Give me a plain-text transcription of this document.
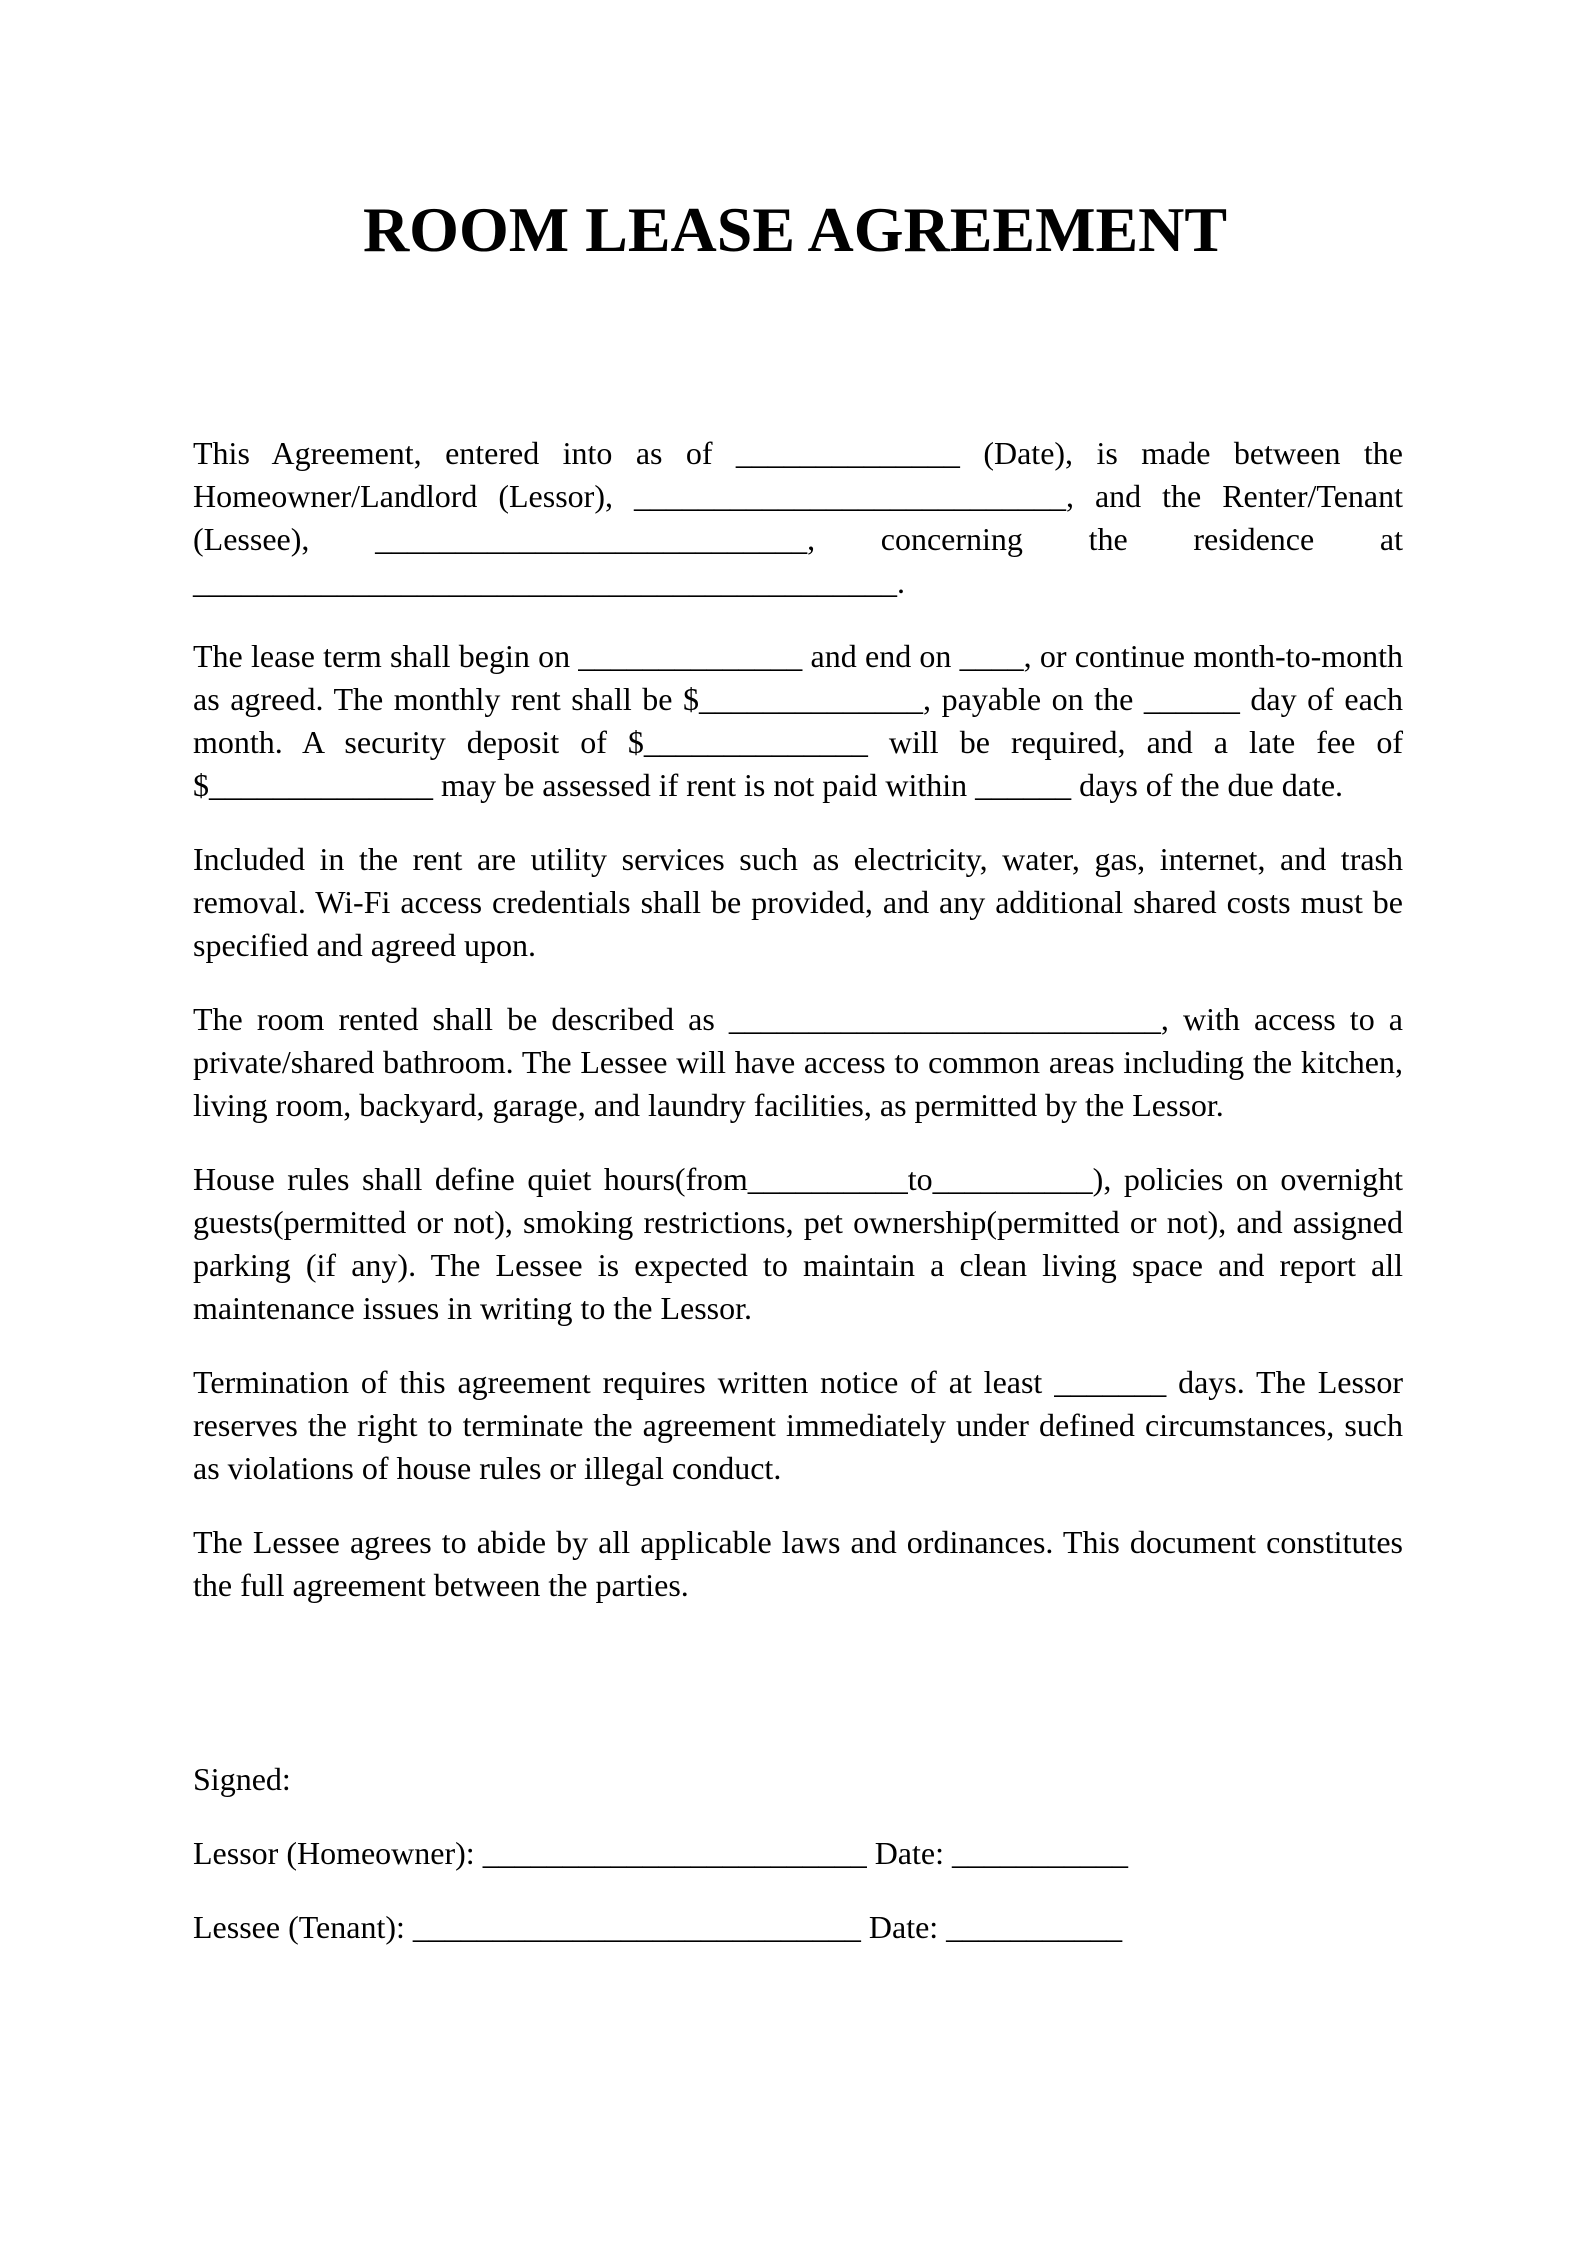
ROOM LEASE AGREEMENT

This Agreement, entered into as of ______________ (Date), is made between the Homeowner/Landlord (Lessor), ___________________________, and the Renter/Tenant (Lessee), ___________________________, concerning the residence at ____________________________________________.

The lease term shall begin on ______________ and end on ____, or continue month-to-month as agreed. The monthly rent shall be $______________, payable on the ______ day of each month. A security deposit of $______________ will be required, and a late fee of $______________ may be assessed if rent is not paid within ______ days of the due date.

Included in the rent are utility services such as electricity, water, gas, internet, and trash removal. Wi-Fi access credentials shall be provided, and any additional shared costs must be specified and agreed upon.

The room rented shall be described as ___________________________, with access to a private/shared bathroom. The Lessee will have access to common areas including the kitchen, living room, backyard, garage, and laundry facilities, as permitted by the Lessor.

House rules shall define quiet hours(from__________to__________), policies on overnight guests(permitted or not), smoking restrictions, pet ownership(permitted or not), and assigned parking (if any). The Lessee is expected to maintain a clean living space and report all maintenance issues in writing to the Lessor.

Termination of this agreement requires written notice of at least _______ days. The Lessor reserves the right to terminate the agreement immediately under defined circumstances, such as violations of house rules or illegal conduct.

The Lessee agrees to abide by all applicable laws and ordinances. This document constitutes the full agreement between the parties.

Signed:

Lessor (Homeowner): ________________________ Date: ___________

Lessee (Tenant): ____________________________ Date: ___________
